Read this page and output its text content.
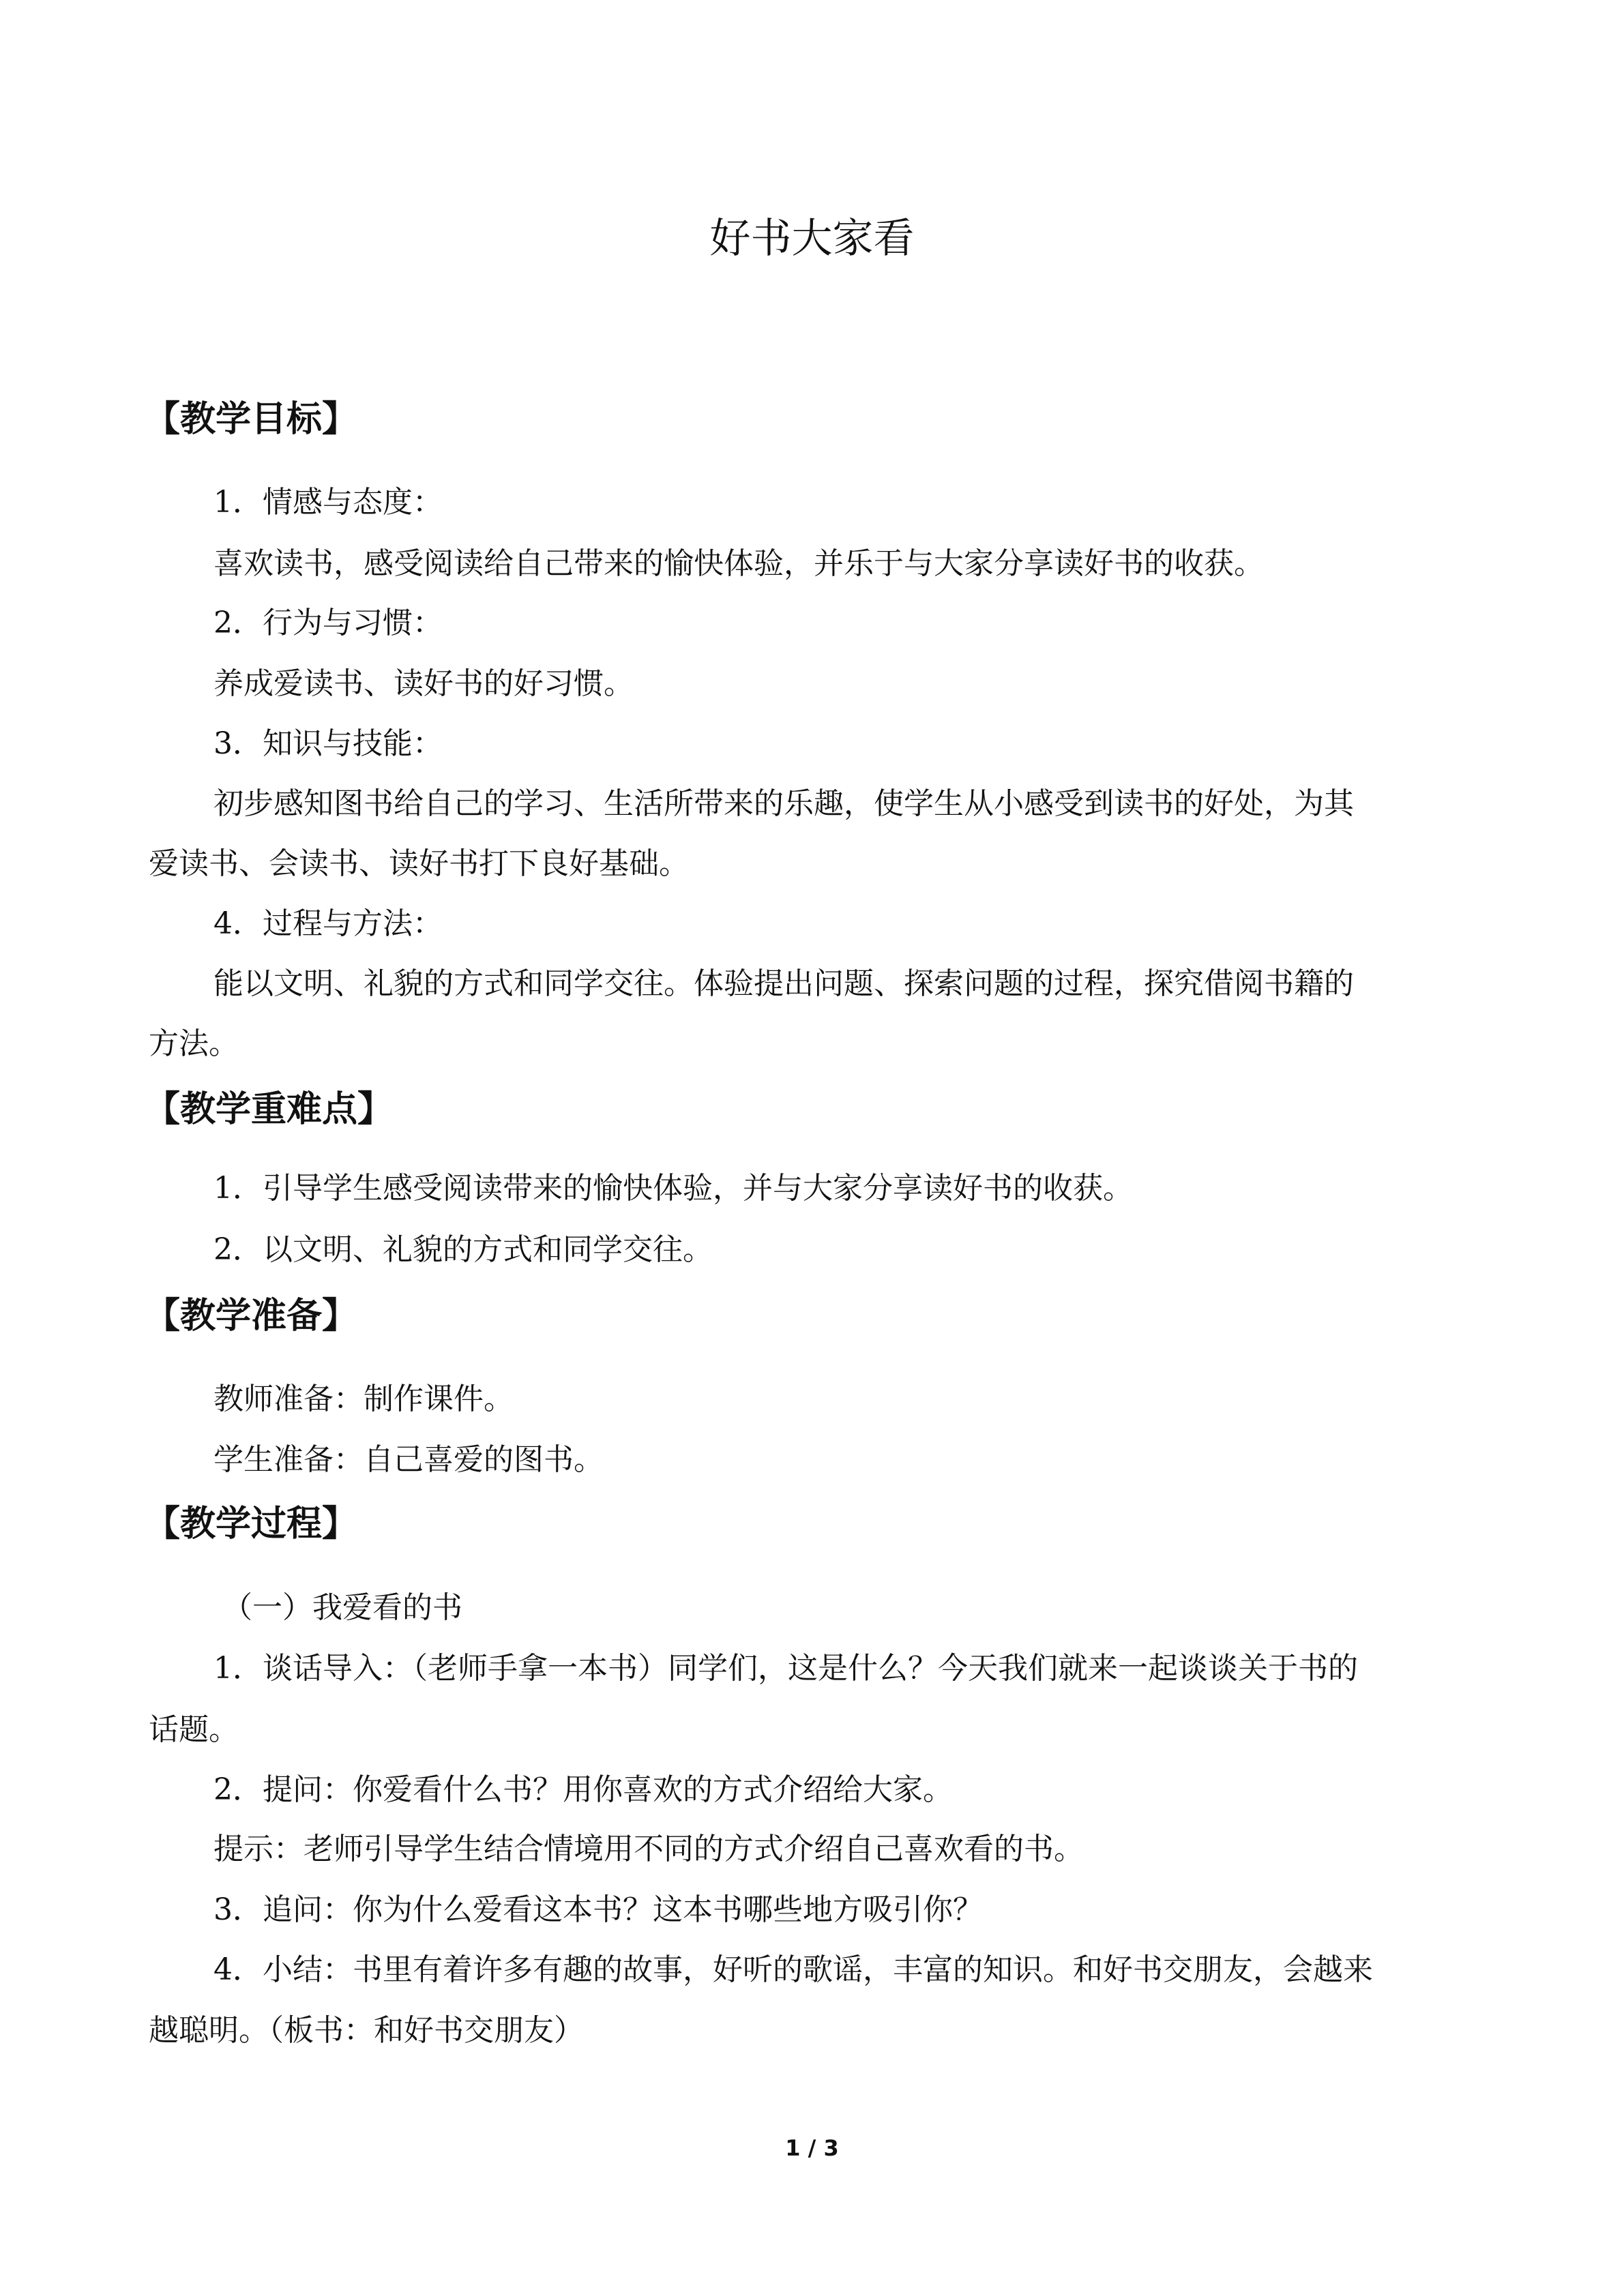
好书大家看
【教学目标】
1．情感与态度：
喜欢读书，感受阅读给自己带来的愉快体验，并乐于与大家分享读好书的收获。
2．行为与习惯：
养成爱读书、读好书的好习惯。
3．知识与技能：
初步感知图书给自己的学习、生活所带来的乐趣，使学生从小感受到读书的好处，为其
爱读书、会读书、读好书打下良好基础。
4．过程与方法：
能以文明、礼貌的方式和同学交往。体验提出问题、探索问题的过程，探究借阅书籍的
方法。
【教学重难点】
1．引导学生感受阅读带来的愉快体验，并与大家分享读好书的收获。
2．以文明、礼貌的方式和同学交往。
【教学准备】
教师准备：制作课件。
学生准备：自己喜爱的图书。
【教学过程】
（一）我爱看的书
1．谈话导入：（老师手拿一本书）同学们，这是什么？今天我们就来一起谈谈关于书的
话题。
2．提问：你爱看什么书？用你喜欢的方式介绍给大家。
提示：老师引导学生结合情境用不同的方式介绍自己喜欢看的书。
3．追问：你为什么爱看这本书？这本书哪些地方吸引你？
4．小结：书里有着许多有趣的故事，好听的歌谣，丰富的知识。和好书交朋友，会越来
越聪明。（板书：和好书交朋友）
1 / 3
